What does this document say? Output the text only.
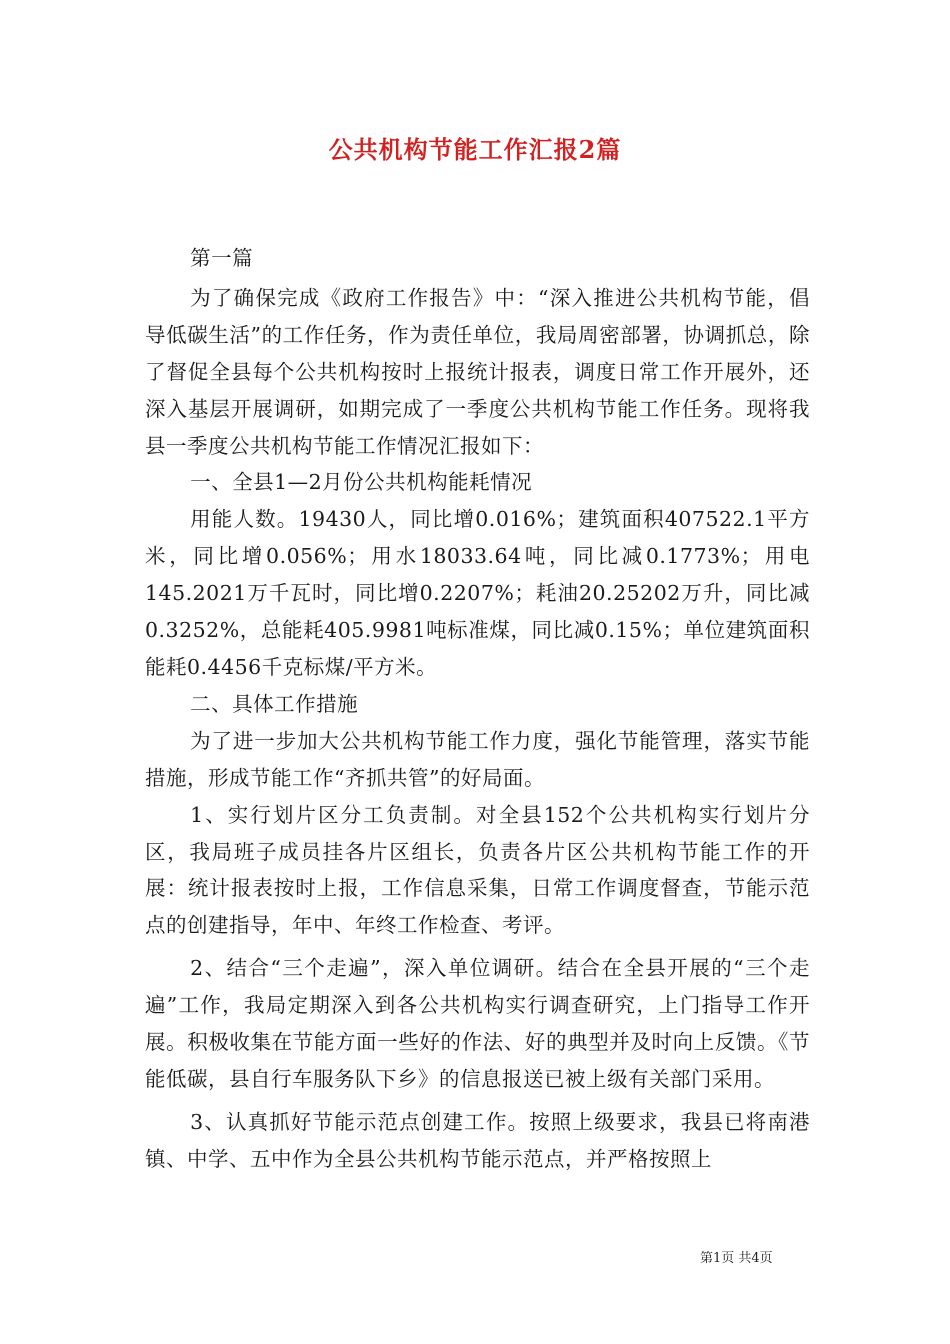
公共机构节能工作汇报2篇

第一篇

为了确保完成《政府工作报告》中：“深入推进公共机构节能，倡导低碳生活”的工作任务，作为责任单位，我局周密部署，协调抓总，除了督促全县每个公共机构按时上报统计报表，调度日常工作开展外，还深入基层开展调研，如期完成了一季度公共机构节能工作任务。现将我县一季度公共机构节能工作情况汇报如下：

一、全县1—2月份公共机构能耗情况

用能人数。19430人，同比增0.016%；建筑面积407522.1平方米，同比增0.056%；用水18033.64吨，同比减0.1773%；用电145.2021万千瓦时，同比增0.2207%；耗油20.25202万升，同比减0.3252%，总能耗405.9981吨标准煤，同比减0.15%；单位建筑面积能耗0.4456千克标煤/平方米。

二、具体工作措施

为了进一步加大公共机构节能工作力度，强化节能管理，落实节能措施，形成节能工作“齐抓共管”的好局面。

1、实行划片区分工负责制。对全县152个公共机构实行划片分区，我局班子成员挂各片区组长，负责各片区公共机构节能工作的开展：统计报表按时上报，工作信息采集，日常工作调度督查，节能示范点的创建指导，年中、年终工作检查、考评。

2、结合“三个走遍”，深入单位调研。结合在全县开展的“三个走遍”工作，我局定期深入到各公共机构实行调查研究，上门指导工作开展。积极收集在节能方面一些好的作法、好的典型并及时向上反馈。《节能低碳，县自行车服务队下乡》的信息报送已被上级有关部门采用。

3、认真抓好节能示范点创建工作。按照上级要求，我县已将南港镇、中学、五中作为全县公共机构节能示范点，并严格按照上

第1页 共4页
